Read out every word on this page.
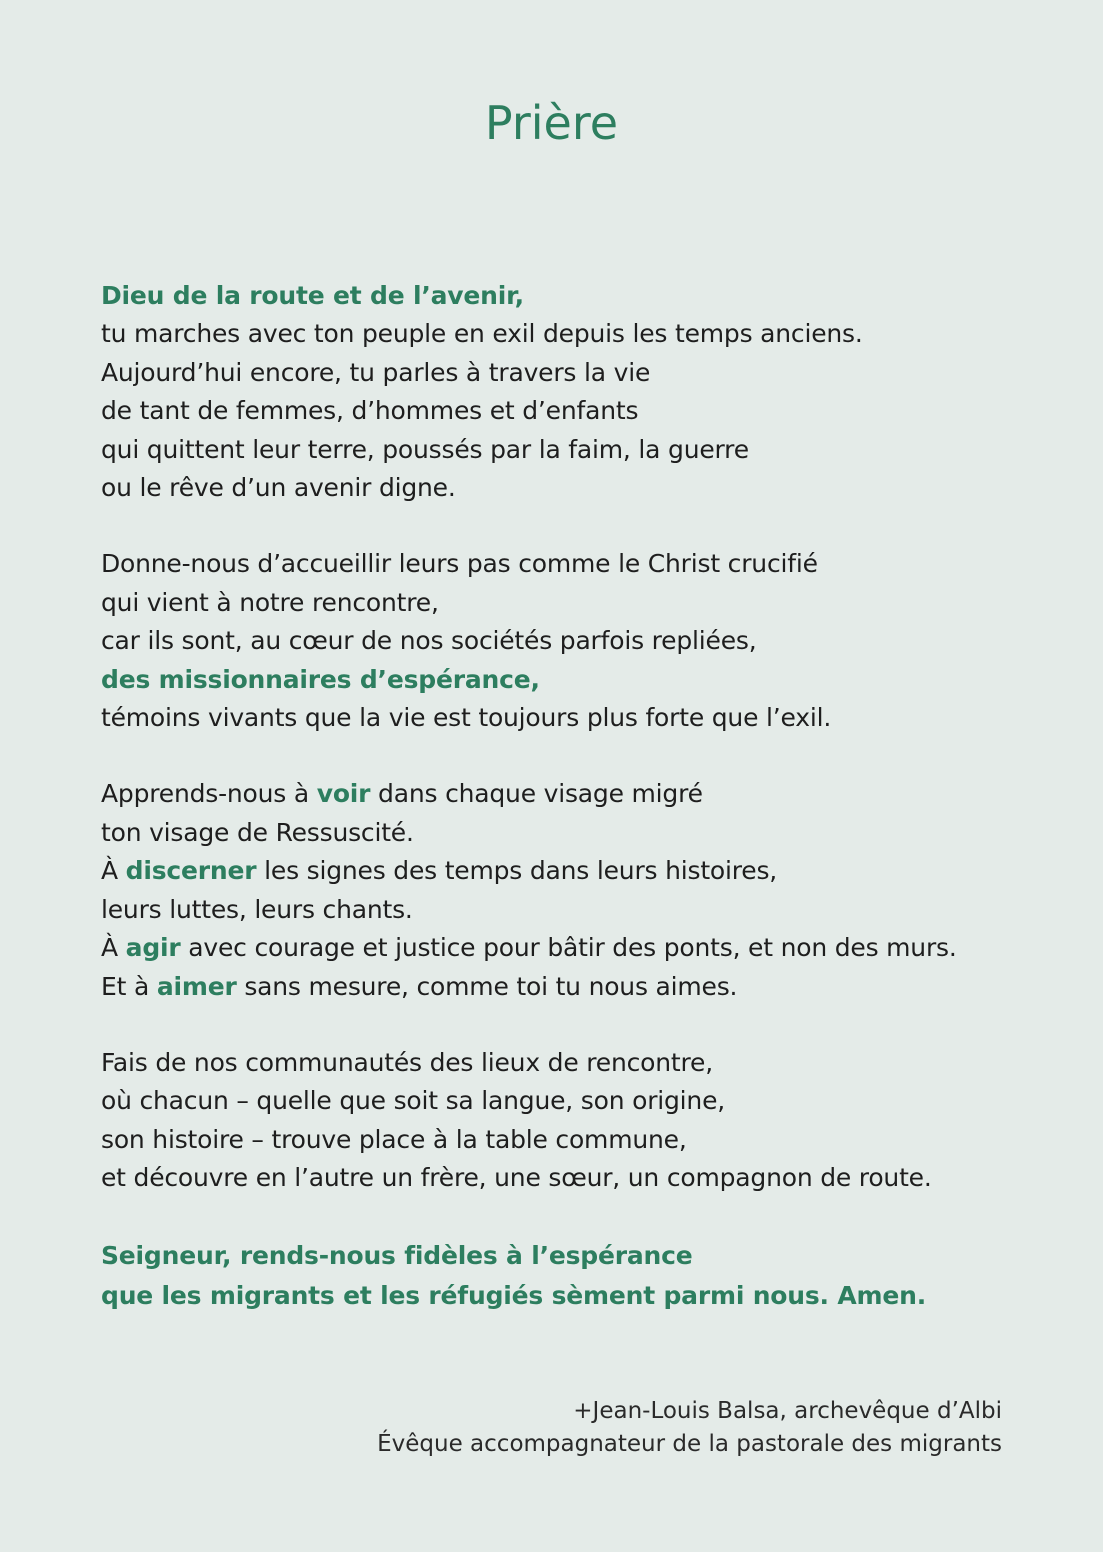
Prière
Dieu de la route et de l’avenir,
tu marches avec ton peuple en exil depuis les temps anciens.
Aujourd’hui encore, tu parles à travers la vie
de tant de femmes, d’hommes et d’enfants
qui quittent leur terre, poussés par la faim, la guerre
ou le rêve d’un avenir digne.
Donne-nous d’accueillir leurs pas comme le Christ crucifié
qui vient à notre rencontre,
car ils sont, au cœur de nos sociétés parfois repliées,
des missionnaires d’espérance,
témoins vivants que la vie est toujours plus forte que l’exil.
Apprends-nous à voir dans chaque visage migré
ton visage de Ressuscité.
À discerner les signes des temps dans leurs histoires,
leurs luttes, leurs chants.
À agir avec courage et justice pour bâtir des ponts, et non des murs.
Et à aimer sans mesure, comme toi tu nous aimes.
Fais de nos communautés des lieux de rencontre,
où chacun – quelle que soit sa langue, son origine,
son histoire – trouve place à la table commune,
et découvre en l’autre un frère, une sœur, un compagnon de route.
Seigneur, rends-nous fidèles à l’espérance
que les migrants et les réfugiés sèment parmi nous. Amen.
+Jean-Louis Balsa, archevêque d’Albi
Évêque accompagnateur de la pastorale des migrants
